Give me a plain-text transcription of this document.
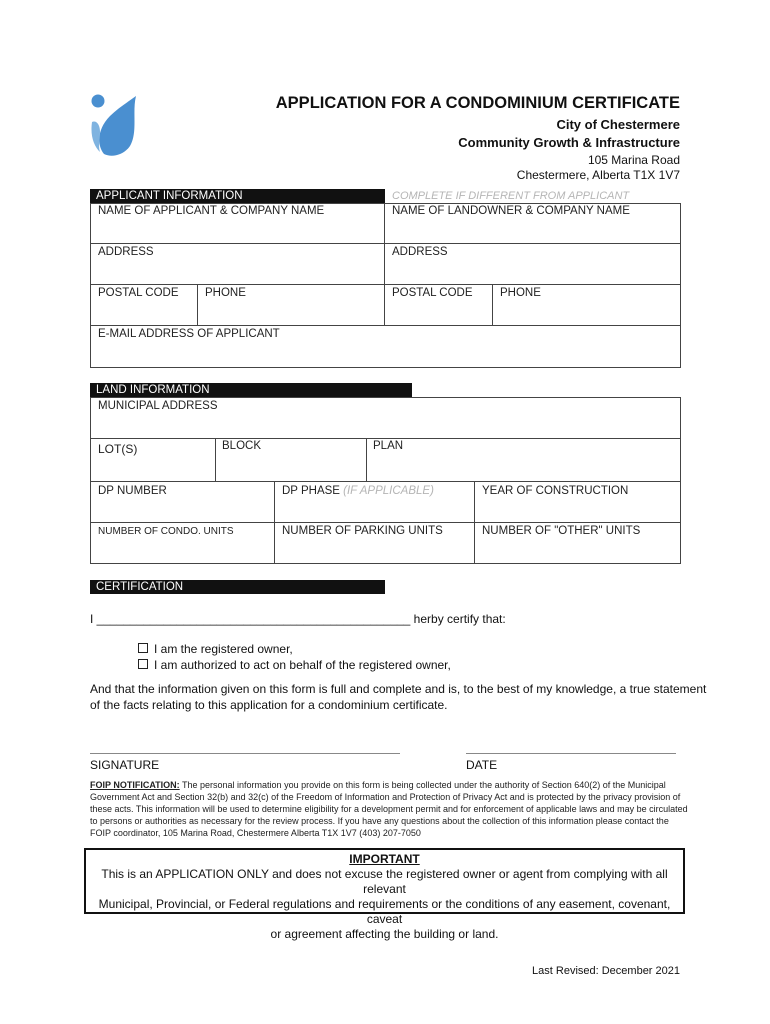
APPLICATION FOR A CONDOMINIUM CERTIFICATE
City of Chestermere
Community Growth & Infrastructure
105 Marina Road
Chestermere, Alberta T1X 1V7
APPLICANT INFORMATION	COMPLETE IF DIFFERENT FROM APPLICANT
NAME OF APPLICANT & COMPANY NAME	NAME OF LANDOWNER & COMPANY NAME
ADDRESS	ADDRESS
POSTAL CODE PHONE	POSTAL CODE PHONE
E-MAIL ADDRESS OF APPLICANT
LAND INFORMATION
MUNICIPAL ADDRESS
LOT(S)	BLOCK	PLAN
DP NUMBER	DP PHASE (IF APPLICABLE)	YEAR OF CONSTRUCTION
NUMBER OF CONDO. UNITS	NUMBER OF PARKING UNITS	NUMBER OF "OTHER" UNITS
CERTIFICATION
I _______________________________________________ herby certify that:
I am the registered owner,
I am authorized to act on behalf of the registered owner,
And that the information given on this form is full and complete and is, to the best of my knowledge, a true statement
of the facts relating to this application for a condominium certificate.
SIGNATURE	DATE
FOIP NOTIFICATION: The personal information you provide on this form is being collected under the authority of Section 640(2) of the Municipal
Government Act and Section 32(b) and 32(c) of the Freedom of Information and Protection of Privacy Act and is protected by the privacy provision of
these acts. This information will be used to determine eligibility for a development permit and for enforcement of applicable laws and may be circulated
to persons or authorities as necessary for the review process. If you have any questions about the collection of this information please contact the
FOIP coordinator, 105 Marina Road, Chestermere Alberta T1X 1V7 (403) 207-7050
IMPORTANT
This is an APPLICATION ONLY and does not excuse the registered owner or agent from complying with all relevant
Municipal, Provincial, or Federal regulations and requirements or the conditions of any easement, covenant, caveat
or agreement affecting the building or land.
Last Revised: December 2021
